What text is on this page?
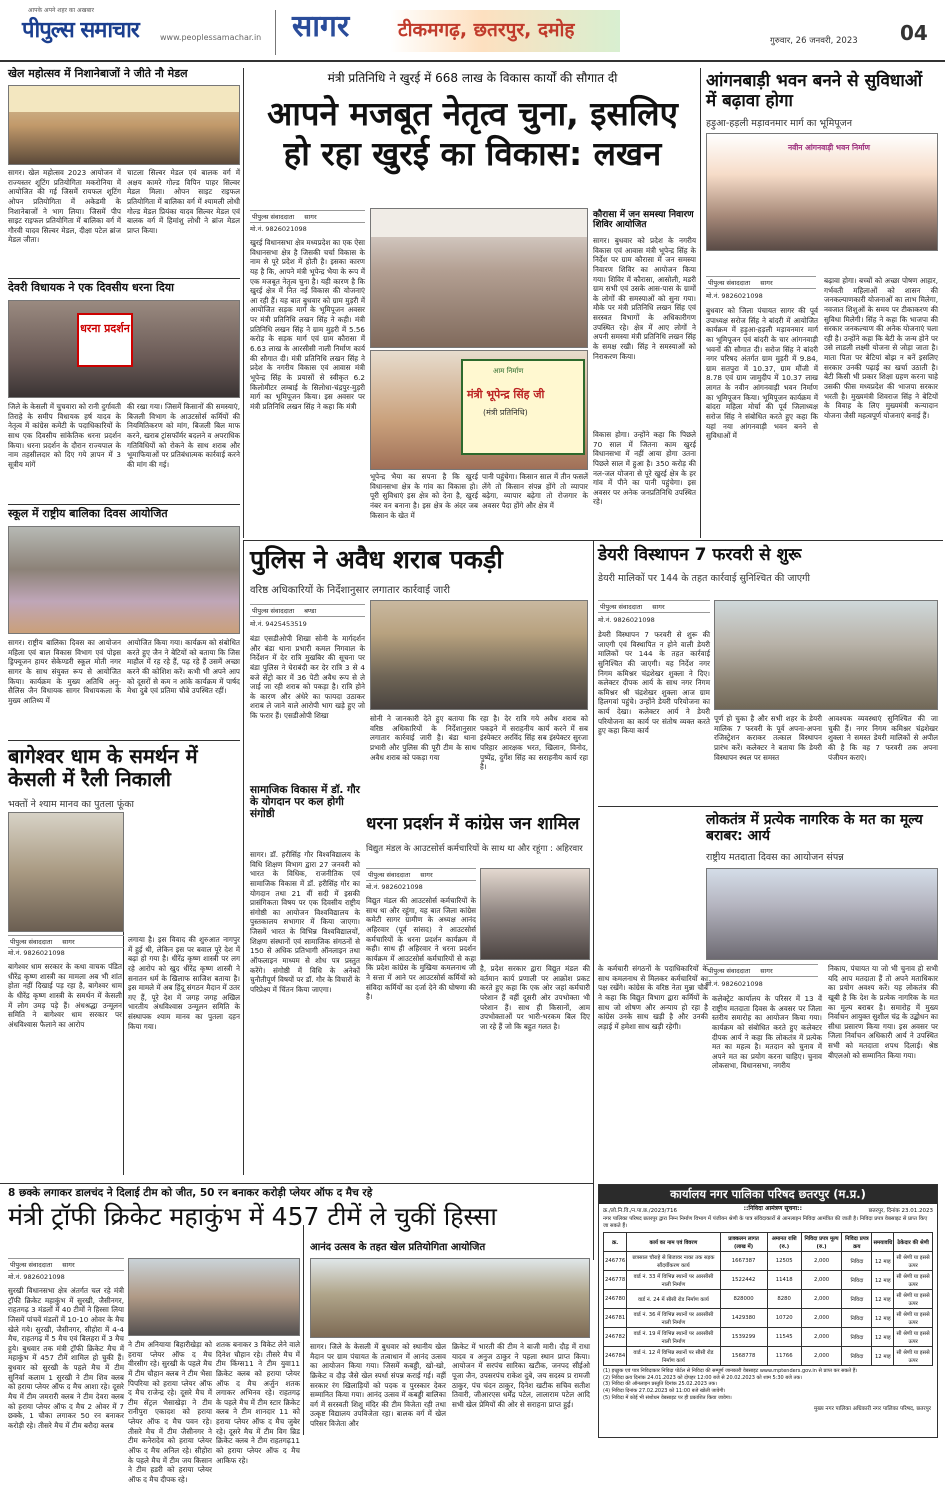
आपके अपने शहर का अखबार
पीपुल्स समाचार	www.peoplessamachar.in सागर	टीकमगढ़, छतरपुर, दमोह	गुरुवार, 26 जनवरी, 2023 04
खेल महोत्सव में निशानेबाजों ने जीते नौ मेडल
सागर। खेल महोत्सव 2023 आयोजन में राज्यस्तर शूटिंग प्रतियोगिता मकरोनिया में आयोजित की गई जिसमें रायफल शूटिंग ओपन प्रतियोगिता में अकेडमी के निशानेबाजों ने भाग लिया। जिसमें पीप साइट राइफल प्रतियोगिता में बालिका वर्ग में गौरवी यादव सिल्वर मेडल, दीक्षा पटेल ब्रांज मेडल जीता।
चाटला सिल्वर मेडल एवं बालक वर्ग में अक्षय कामरे गोल्ड विपिन पाहर सिल्वर मेडल मिला। ओपन साइट राइफल प्रतियोगिता में बालिका वर्ग में श्यामली लोधी गोल्ड मेडल प्रियंका यादव सिल्वर मेडल एवं बालक वर्ग में हिमांशु लोधी ने ब्रांज मेडल प्राप्त किया।
देवरी विधायक ने एक दिवसीय धरना दिया
धरना प्रदर्शन
जिले के केसली में चुचवारा को रानी दुर्गावती तिराहे के समीप विधायक हर्ष यादव के नेतृत्व में कांग्रेस कमेटी के पदाधिकारियों के साथ एक दिवसीय सांकेतिक धरना प्रदर्शन किया। धरना प्रदर्शन के दौरान राज्यपाल के नाम तहसीलदार को दिए गये ज्ञापन में 3 सूत्रीय मांगें
की रखा गया। जिसमें किसानों की समस्याएं, बिजली विभाग के आउटसोर्स कर्मियों की नियमितिकरण को मांग, बिजली बिल माफ करने, खराब ट्रांसफॉर्मर बदलने व अपराधिक गतिविधियों को रोकने के साथ शराब और भूमाफियाओं पर प्रतिबंधात्मक कार्रवाई करने की मांग की गई।
स्कूल में राष्ट्रीय बालिका दिवस आयोजित
सागर। राष्ट्रीय बालिका दिवस का आयोजन महिला एवं बाल विकास विभाग एवं पोइस ड्रिफ्यूजन हायर सेकेण्डरी स्कूल मोती नगर सागर के साथ संयुक्त रूप से आयोजित किया। कार्यक्रम के मुख्य अतिथि अनु- सैलिस जैन विधायक सागर विधायकला के मुख्य आतिथ्य में
आयोजित किया गया। कार्यक्रम को संबोधित करते हुए जैन ने बेटियों को बताया कि जिस माहौल में रह रहे हैं, पढ़ रहे हैं उसमें अच्छा करने की कोशिश करें। कभी भी अपने आप को दूसरों से कम न आंके कार्यक्रम में पार्षद मेधा दुबे एवं प्रतिमा चौबे उपस्थित रहीं।
बागेश्वर धाम के समर्थन में केसली में रैली निकाली
भक्तों ने श्याम मानव का पुतला फूंका
पीपुल्स संवाददाता सागर
मो.नं. 9826021098
बागेश्वर धाम सरकार के कथा वाचक पंडित धीरेंद्र कृष्ण शास्त्री का मामला अब भी शांत होता नहीं दिखाई पड़ रहा है, बागेश्वर धाम के धीरेंद्र कृष्ण शास्त्री के समर्थन में केसली में लोग उमड़ पड़े हैं। अंधश्रद्धा उन्मूलन समिति ने बागेश्वर धाम सरकार पर अंधविश्वास फैलाने का आरोप
लगाया है। इस विवाद की शुरुआत नागपुर में हुई थी, लेकिन इस पर बवाल पूरे देश में बढ़ा हो गया है। धीरेंद्र कृष्ण शास्त्री पर लग रहे आरोप को खुद धीरेंद्र कृष्ण शास्त्री ने सनातन धर्म के खिलाफ साजिश बताया है। इस मामले में अब हिंदू संगठन मैदान में उतर गए हैं, पूरे देश में जगह जगह अखिल भारतीय अंधविश्वास उन्मूलन समिति के संस्थापक श्याम मानव का पुतला दहन किया गया।
मंत्री प्रतिनिधि ने खुरई में 668 लाख के विकास कार्यों की सौगात दी
आपने मजबूत नेतृत्व चुना, इसलिए हो रहा खुरई का विकास: लखन
पीपुल्स संवाददाता सागर
मो.नं. 9826021098
खुरई विधानसभा क्षेत्र मध्यप्रदेश का एक ऐसा विधानसभा क्षेत्र है जिसकी चर्चा विकास के नाम से पूरे प्रदेश में होती है। इसका कारण यह है कि, आपने मंत्री भूपेन्द्र भैया के रूप में एक मजबूत नेतृत्व चुना है। यही कारण है कि खुरई क्षेत्र में नित नई विकास की योजनाएं आ रही हैं। यह बात बुधवार को ग्राम मुड़री में आयोजित सड़क मार्ग के भूमिपूजन अवसर पर मंत्री प्रतिनिधि लखन सिंह ने कही। मंत्री प्रतिनिधि लखन सिंह ने ग्राम मुड़री में 5.56 करोड़ के सड़क मार्ग एवं ग्राम कौरासा में 6.63 लाख के आरसीसी नाली निर्माण कार्य की सौगात दी। मंत्री प्रतिनिधि लखन सिंह ने प्रदेश के नगरीय विकास एवं आवास मंत्री भूपेन्द्र सिंह के प्रयासों से स्वीकृत 6.2 किलोमीटर लम्बाई के सिलोधा-चंद्रपुर-मुड़री मार्ग का भूमिपूजन किया। इस अवसर पर मंत्री प्रतिनिधि लखन सिंह ने कहा कि मंत्री
आम निर्माण
मंत्री भूपेन्द्र सिंह जी
(मंत्री प्रतिनिधि)
भूपेन्द्र भैया का सपना है कि खुरई विधानसभा क्षेत्र के गांव का विकास हो। पूरी सुविधाएं इस क्षेत्र को देना है, खुरई नंबर वन बनाना है। इस क्षेत्र के अंदर जब किसान के खेत में
पानी पहुंचेगा। किसान साल में तीन फसलें लेंगे तो किसान संपन्न होंगे तो व्यापार बढ़ेगा, व्यापार बढ़ेगा तो रोजगार के अवसर पैदा होंगे और क्षेत्र में
कौरासा में जन समस्या निवारण शिविर आयोजित
सागर। बुधवार को प्रदेश के नगरीय विकास एवं आवास मंत्री भूपेन्द्र सिंह के निर्देश पर ग्राम कौरासा में जन समस्या निवारण शिविर का आयोजन किया गया। शिविर में कौरासा, आसोली, मडरी ग्राम सभी एवं उसके आस-पास के ग्रामों के लोगों की समस्याओं को सुना गया। मौके पर मंत्री प्रतिनिधि लखन सिंह एवं सरस्वत विभागों के अधिकारीगण उपस्थित रहे। क्षेत्र में आए लोगों ने अपनी समस्या मंत्री प्रतिनिधि लखन सिंह के समक्ष रखी। सिंह ने समस्याओं को निराकरण किया।
विकास होगा। उन्होंने कहा कि पिछले 70 साल में जितना काम खुरई विधानसभा में नहीं आया होगा उतना पिछले साल में हुआ है। 350 करोड़ की नल-जल योजना से पूरे खुरई क्षेत्र के हर गांव में पीने का पानी पहुंचेगा। इस अवसर पर अनेक जनप्रतिनिधि उपस्थित रहे।
आंगनबाड़ी भवन बनने से सुविधाओं में बढ़ावा होगा
हड़ुआ-हड़ली मड़ावनमार मार्ग का भूमिपूजन
नवीन आंगनवाड़ी भवन निर्माण
पीपुल्स संवाददाता सागर
मो.नं. 9826021098
बुधवार को जिला पंचायत सागर की पूर्व उपाध्यक्ष सरोज सिंह ने बांदरी में आयोजित कार्यक्रम में हड़ुआ-हड़ली मड़ावनमार मार्ग का भूमिपूजन एवं बांदरी के चार आंगनवाड़ी भवनों की सौगात दी। सरोज सिंह ने बांदरी नगर परिषद अंतर्गत ग्राम मुड़री में 9.84, ग्राम सतपुरा में 10.37, ग्राम मौंजी में 8.78 एवं ग्राम जामुदीप में 10.37 लाख लागत के नवीन आंगनवाड़ी भवन निर्माण का भूमिपूजन किया। भूमिपूजन कार्यक्रम में बांदरा महिला मोर्चा की पूर्व जिलाध्यक्ष सरोज सिंह ने संबोधित करते हुए कहा कि यहां नया आंगनवाड़ी भवन बनने से सुविधाओं में
बढ़ावा होगा। बच्चों को अच्छा पोषण आहार, गर्भवती महिलाओं को शासन की जनकल्याणकारी योजनाओं का लाभ मिलेगा, नवजात शिशुओं के समय पर टीकाकरण की सुविधा मिलेगी। सिंह ने कहा कि भाजपा की सरकार जनकल्याण की अनेक योजनाएं चला रही है। उन्होंने कहा कि बेटी के जन्म होने पर उसे लाडली लक्ष्मी योजना से जोड़ा जाता है। माता पिता पर बेटियां बोझ न बनें इसलिए सरकार उनकी पढ़ाई का खर्चा उठाती है। बेटी किसी भी प्रकार शिक्षा ग्रहण करना चाहे उसकी फीस मध्यप्रदेश की भाजपा सरकार भरती है। मुख्यमंत्री शिवराज सिंह ने बेटियों के विवाह के लिए मुख्यमंत्री कन्यादान योजना जैसी महत्वपूर्ण योजनाएं बनाई हैं।
पुलिस ने अवैध शराब पकड़ी
वरिष्ठ अधिकारियों के निर्देशानुसार लगातार कार्रवाई जारी
पीपुल्स संवाददाता बण्डा
मो.नं. 9425453519
बंडा एसडीओपी शिखा सोनी के मार्गदर्शन और बंडा थाना प्रभारी कमल निगवाल के निर्देशन में देर रात्रि मुखबिर की सूचना पर बंडा पुलिस ने घेराबंदी कर देर रात्रि 3 से 4 बजे सेंट्रो कार में 36 पेटी अवैध रूप से ले जाई जा रही शराब को पकड़ा है। रात्रि होने के कारण और अंधेरे का फायदा उठाकर शराब ले जाने वाले आरोपी भाग खड़े हुए जो कि फरार हैं। एसडीओपी शिखा	सोनी ने जानकारी देते हुए बताया कि वरिष्ठ अधिकारियों के निर्देशानुसार लगातार कार्रवाई जारी है। बंडा थाना प्रभारी और पुलिस की पूरी टीम के साथ अवैध शराब को पकड़ा गया
रहा है। देर रात्रि गये अवैध शराब को पकड़ने में सराहनीय कार्य करने में सब इंस्पेक्टर अरविंद सिंह सब इंस्पेक्टर सुरजा परिहार आरक्षक भरत, खिलान, विनोद, पुष्पेंद्र, दुर्गेश सिंह का सराहनीय कार्य रहा है।
डेयरी विस्थापन 7 फरवरी से शुरू
डेयरी मालिकों पर 144 के तहत कार्रवाई सुनिश्चित की जाएगी
पीपुल्स संवाददाता सागर
मो.नं. 9826021098
डेयरी विस्थापन 7 फरवरी से शुरू की जाएगी एवं विस्थापित न होने वाली डेयरी मालिकों पर 144 के तहत कार्रवाई सुनिश्चित की जाएगी। यह निर्देश नगर निगम कमिश्नर चंद्रशेखर शुक्ला ने दिए। कलेक्टर दीपक आर्य के साथ नगर निगम कमिश्नर श्री चंद्रशेखर शुक्ला आज ग्राम हिलगवां पहुंचे। उन्होंने डेयरी परियोजना का कार्य देखा। कलेक्टर आर्य ने डेयरी परियोजना का कार्य पर संतोष व्यक्त करते हुए कहा किया कार्य
पूर्ण हो चुका है और सभी शहर के डेयरी मालिक 7 फरवरी के पूर्व अपना-अपना रजिस्ट्रेशन कराकर तत्काल विस्थापन प्रारंभ करें। कलेक्टर ने बताया कि डेयरी विस्थापन स्थल पर समस्त
आवश्यक व्यवस्थाएं सुनिश्चित की जा चुकी हैं। नगर निगम कमिश्नर चंद्रशेखर शुक्ला ने समस्त डेयरी मालिकों से अपील की है कि वह 7 फरवरी तक अपना पंजीयन कराएं।
सामाजिक विकास में डॉ. गौर के योगदान पर कल होगी संगोष्ठी
सागर। डॉ. हरीसिंह गौर विश्वविद्यालय के विधि शिक्षण विभाग द्वारा 27 जनवरी को भारत के विधिक, राजनीतिक एवं सामाजिक विकास में डॉ. हरीसिंह गौर का योगदान तथा 21 वीं सदी में इसकी प्रासंगिकता विषय पर एक दिवसीय राष्ट्रीय संगोष्ठी का आयोजन विश्वविद्यालय के पुस्तकालय सभागार में किया जाएगा। जिसमें भारत के विभिन्न विश्वविद्यालयों, शिक्षण संस्थानों एवं सामाजिक संगठनों से 150 से अधिक प्रतिभागी ऑनलाइन तथा ऑफलाइन माध्यम से शोध पत्र प्रस्तुत करेंगे। संगोष्ठी में विधि के अनेकों चुनौतीपूर्ण विषयों पर डॉ. गौर के विचारों के परिप्रेक्ष्य में चिंतन किया जाएगा।
धरना प्रदर्शन में कांग्रेस जन शामिल
विद्युत मंडल के आउटसोर्स कर्मचारियों के साथ था और रहूंगा : अहिरवार
पीपुल्स संवाददाता सागर
मो.नं. 9826021098
विद्युत मंडल की आउटसोर्स कर्मचारियों के साथ था और रहूंगा, यह बात जिला कांग्रेस कमेटी सागर ग्रामीण के अध्यक्ष आनंद अहिरवार (पूर्व सांसद) ने आउटसोर्स कर्मचारियों के धरना प्रदर्शन कार्यक्रम में कही। साथ ही अहिरवार ने धरना प्रदर्शन कार्यक्रम में आउटसोर्स कर्मचारियों से कहा कि प्रदेश कांग्रेस के मुखिया कमलनाथ जी ने सत्ता में आने पर आउटसोर्स कर्मियों को संविदा कर्मियों का दर्जा देने की घोषणा की है।
है, प्रदेश सरकार द्वारा विद्युत मंडल की वर्तमान कार्य प्रणाली पर आक्रोश प्रकट करते हुए कहा कि एक ओर जहां कर्मचारी परेशान हैं वहीं दूसरी ओर उपभोक्ता भी परेशान हैं। साथ ही किसानों, आम उपभोक्ताओं पर भारी-भरकम बिल दिए जा रहे हैं जो कि बहुत गलत है।
के कर्मचारी संगठनों के पदाधिकारियों के साथ कमलनाथ से मिलकर कर्मचारियों का पक्ष रखेंगे। कांग्रेस के वरिष्ठ नेता मुन्ना चौबे ने कहा कि विद्युत विभाग द्वारा कर्मियों के साथ जो शोषण और अन्याय हो रहा है कांग्रेस उनके साथ खड़ी है और उनकी लड़ाई में हमेशा साथ खड़ी रहेगी।
लोकतंत्र में प्रत्येक नागरिक के मत का मूल्य बराबर: आर्य
राष्ट्रीय मतदाता दिवस का आयोजन संपन्न
पीपुल्स संवाददाता सागर
मो.नं. 9826021098
कलेक्ट्रेट कार्यालय के परिसर में 13 वें राष्ट्रीय मतदाता दिवस के अवसर पर जिला स्तरीय समारोह का आयोजन किया गया। कार्यक्रम को संबोधित करते हुए कलेक्टर दीपक आर्य ने कहा कि लोकतंत्र में प्रत्येक मत का महत्व है। मतदान को चुनाव में अपने मत का प्रयोग करना चाहिए। चुनाव लोकसभा, विधानसभा, नगरीय
निकाय, पंचायत या जो भी चुनाव हो सभी यदि आप मतदाता हैं तो अपने मताधिकार का प्रयोग अवश्य करें। यह लोकतंत्र की खूबी है कि देश के प्रत्येक नागरिक के मत का मूल्य बराबर है। समारोह में मुख्य निर्वाचन आयुक्त सुशील चंद्र के उद्बोधन का सीधा प्रसारण किया गया। इस अवसर पर जिला निर्वाचन अधिकारी आर्य ने उपस्थित सभी को मतदाता शपथ दिलाई। श्रेष्ठ बीएलओ को सम्मानित किया गया।
8 छक्के लगाकर डालचंद ने दिलाई टीम को जीत, 50 रन बनाकर करोड़ी प्लेयर ऑफ द मैच रहे
मंत्री ट्रॉफी क्रिकेट महाकुंभ में 457 टीमें ले चुकीं हिस्सा
पीपुल्स संवाददाता सागर
मो.नं. 9826021098
सुरखी विधानसभा क्षेत्र अंतर्गत चल रहे मंत्री ट्रॉफी क्रिकेट महाकुंभ में सुरखी, जैसीनगर, राहतगढ़ 3 मंडलों में 40 टीमों ने हिस्सा लिया जिसमें पांचवें मंडलों में 10-10 ओवर के मैच खेले गये। सुरखी, जैसीनगर, सीहोरा में 4-4 मैच, राहतगढ़ में 5 मैच एवं बिलहरा में 3 मैच हुये। बुधवार तक मंत्री ट्रॉफी क्रिकेट मैच में महाकुंभ में 457 टीमें शामिल हो चुकी हैं। बुधवार को सुरखी के पहले मैच में टीम सुनिर्वा कलाम 1 सुरखी ने टीम शिव क्लब को हराया प्लेयर ऑफ द मैच आशा रहे। दूसरे मैच में टीम जमरारी क्लब ने टीम देवरा क्लब को हराया प्लेयर ऑफ द मैच 2 ओवर में 7 छक्के, 1 चौका लगाकर 50 रन बनाकर करोड़ी रहे। तीसरे मैच में टीम बरौदा क्लब
ने टीम अनियाया बिहारीखेड़ा को हराया प्लेयर ऑफ द मैच वीरसीग रहे। सुरखी के पहले मैच में टीम चौहान क्लब ने टीम भैसा पिपरिया को हराया प्लेयर ऑफ द मैच राजेन्द्र रहे। दूसरे मैच में टीम सेंट्रल भैसाखेड़ा ने टीम रानीपुरा एकादश को हराया प्लेयर ऑफ द मैच पवन रहे। तीसरे मैच में टीम जैसीनगर ने टीम कनेरादेव को हराया प्लेयर ऑफ द मैच अनिल रहे। सीहोरा के पहले मैच में टीम जय किसान ने टीम हडरी को हराया प्लेयर ऑफ द मैच दीपक रहे।
शतक बनाकर 3 विकेट लेने वाले दिनेश चौहान रहे। तीसरे मैच में टीम किंग्स11 ने टीम युवा11 क्रिकेट क्लब को हराया प्लेयर ऑफ द मैच अर्जुन शतक लगाकर अभिनव रहे। राहतगढ़ के पहले मैच में टीम स्टार क्रिकेट क्लब ने टीम शानदार 11 को हराया प्लेयर ऑफ द मैच जुबेर रहे। दूसरे मैच में टीम विग ब्रिड क्रिकेट क्लब ने टीम राहतगढ़11 को हराया प्लेयर ऑफ द मैच आकिफ रहे।
आनंद उत्सव के तहत खेल प्रतियोगिता आयोजित
सागर। जिले के केसली में बुधवार को स्थानीय खेल मैदान पर ग्राम पंचायत के तत्वाधान में आनंद उत्सव का आयोजन किया गया। जिसमें कबड्डी, खो-खो, क्रिकेट व दौड़ जैसे खेल स्पर्धा संपन्न कराई गई। वहीं सरकार रंग खिलाड़ियों को पदक व पुरस्कार देकर सम्मानित किया गया। आनंद उत्सव में कबड्डी बालिका वर्ग में सरस्वती शिशु मंदिर की टीम विजेता रही तथा उत्कृष्ट विद्यालय उपविजेता रहा। बालक वर्ग में खेल परिसर विजेता और
क्रिकेट में भारती की टीम ने बाजी मारी। दौड़ में राधा यादव व अनुज ठाकुर ने पहला स्थान प्राप्त किया। आयोजन में सरपंच सारिका खटीक, जनपद सीईओ पूजा जैन, उपसरपंच राकेश दुबे, जय सदस्य प्र रामजी ठाकुर, पंच चंदन ठाकुर, दिनेश खटीक सचिव सतीश तिवारी, जीआरएस धर्मेंद्र पटेल, लालाराम पटेल आदि सभी खेल प्रेमियों की ओर से सराहना प्राप्त हुई।
कार्यालय नगर पालिका परिषद छतरपुर (म.प्र.)
क्र./लो.नि.वि./न.पा.छ./2023/716	::निविदा आमंत्रण सूचना::	छतरपुर, दिनांक 23.01.2023
नगर पालिका परिषद छतरपुर द्वारा निम्न निर्माण विभाग में पंजीयन श्रेणी के पात्र संविदाकारों से आनलाइन निविदा आमंत्रित की जाती है। निविदा प्रपत्र वेबसाइट से प्राप्त किए जा सकते हैं।
क्र.	कार्य का नाम एवं विवरण	प्राक्कलन लागत (लाख में)	अमानत राशि (रु.)	निविदा प्रपत्र मूल्य (रु.)	निविदा प्रपत्र क्रय	समयावधि	ठेकेदार की श्रेणी
246776	छत्रसाल चौराहे से बिजावर नाका तक सड़क सौंदर्यीकरण कार्य	1667387	12505	2,000	निविदा	12 माह	सी श्रेणी या इससे ऊपर
246778	वार्ड नं. 33 में विभिन्न स्थानों पर आरसीसी नाली निर्माण	1522442	11418	2,000	निविदा	12 माह	सी श्रेणी या इससे ऊपर
246780	वार्ड नं. 24 में सीसी रोड निर्माण कार्य	828000	8280	2,000	निविदा	12 माह	सी श्रेणी या इससे ऊपर
246781	वार्ड नं. 36 में विभिन्न स्थानों पर आरसीसी नाली निर्माण	1429380	10720	2,000	निविदा	12 माह	सी श्रेणी या इससे ऊपर
246782	वार्ड नं. 19 में विभिन्न स्थानों पर आरसीसी नाली निर्माण	1539299	11545	2,000	निविदा	12 माह	सी श्रेणी या इससे ऊपर
246784	वार्ड नं. 12 में विभिन्न स्थानों पर सीसी रोड निर्माण कार्य	1568778	11766	2,000	निविदा	12 माह	सी श्रेणी या इससे ऊपर
(1) इच्छुक एवं पात्र निविदाकार निविदा पोर्टल से निविदा की सम्पूर्ण जानकारी वेबसाइट www.mptenders.gov.in से प्राप्त कर सकते हैं।
(2) निविदा क्रय दिनांक 24.01.2023 को दोपहर 12:00 बजे से 20.02.2023 को शाम 5:30 बजे तक।
(3) निविदा की ऑनलाइन प्रस्तुति दिनांक 25.02.2023 तक।
(4) निविदा दिनांक 27.02.2023 को 11:00 बजे खोली जावेगी।
(5) निविदा में कोई भी संशोधन वेबसाइट पर ही प्रकाशित किया जावेगा।
मुख्य नगर पालिका अधिकारी नगर पालिका परिषद, छतरपुर
